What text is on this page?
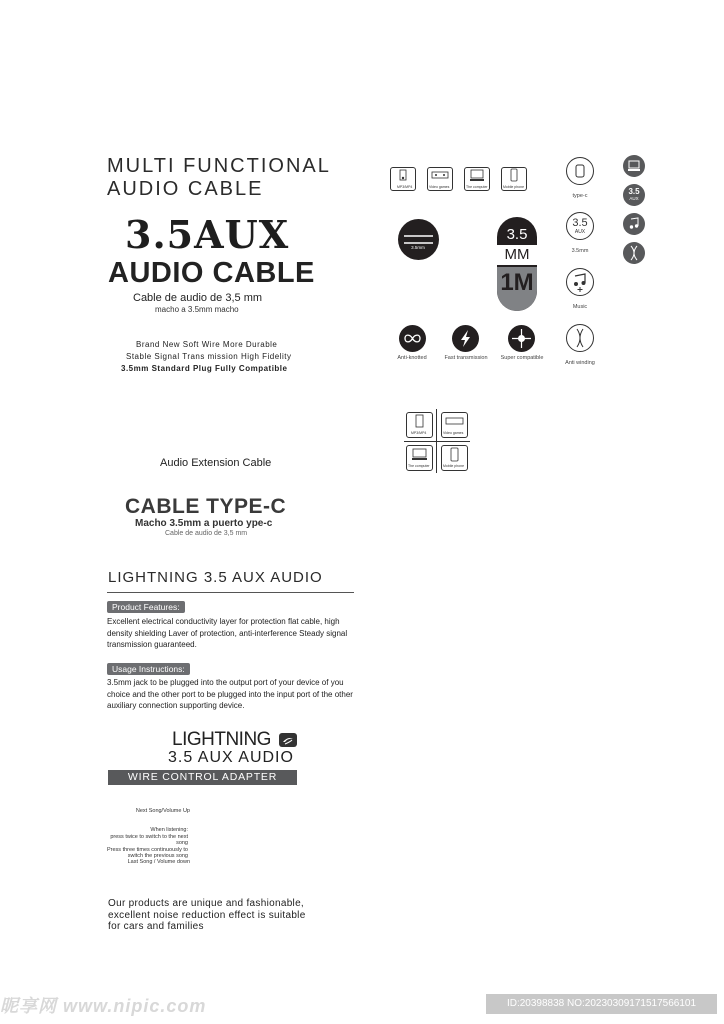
MULTI FUNCTIONAL
AUDIO CABLE
3.5AUX
AUDIO CABLE
Cable de audio de 3,5 mm
macho a 3.5mm macho
Brand New Soft Wire More Durable
Stable Signal Trans mission High Fidelity
3.5mm Standard Plug Fully Compatible
Audio Extension Cable
CABLE TYPE-C
Macho 3.5mm a puerto ype-c
Cable de audio de 3,5 mm
LIGHTNING 3.5 AUX AUDIO
Product Features:
Excellent electrical conductivity layer for protection flat cable, high density shielding Laver of protection, anti-interference Steady signal transmission guaranteed.
Usage Instructions:
3.5mm jack to be plugged into the output port of your device of you choice and the other port to be plugged into the input port of the other auxiliary connection supporting device.
LIGHTNING
3.5 AUX AUDIO
WIRE CONTROL ADAPTER CABLE
Next Song/Volume Up
When listening:
press twice to switch to the next song
Press three times continuously to
switch the previous song
Last Song / Volume down
Our products are unique and fashionable,
excellent noise reduction effect is suitable
for cars and families
MP3/MP4	Video games	The computer	Mobile phone
3.5mm
3.5
MM
1M
Anti-knotted	Fast transmission	Super compatible
type-c
3.5
AUX
3.5mm
Music
Anti winding
3.5
AUX
MP3/MP4	Video games
The computer	Mobile phone
昵享网 www.nipic.com	ID:20398838 NO:20230309171517566101
